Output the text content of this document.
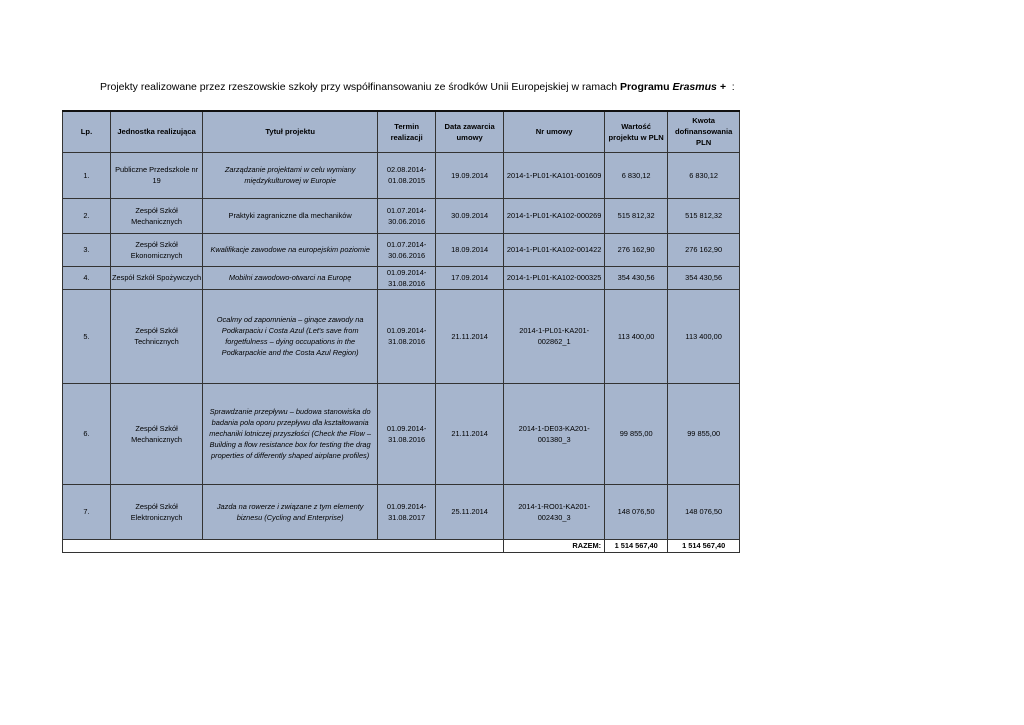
Projekty realizowane przez rzeszowskie szkoły przy współfinansowaniu ze środków Unii Europejskiej w ramach Programu Erasmus +  :
Lp.	Jednostka realizująca	Tytuł projektu	Termin realizacji	Data zawarcia umowy	Nr umowy	Wartość projektu w PLN	Kwota dofinansowania PLN
1.	Publiczne Przedszkole nr 19	Zarządzanie projektami w celu wymiany międzykulturowej w Europie	02.08.2014-01.08.2015	19.09.2014	2014-1-PL01-KA101-001609	6 830,12	6 830,12
2.	Zespół Szkół Mechanicznych	Praktyki zagraniczne dla mechaników	01.07.2014-30.06.2016	30.09.2014	2014-1-PL01-KA102-000269	515 812,32	515 812,32
3.	Zespół Szkół Ekonomicznych	Kwalifikacje zawodowe na europejskim poziomie	01.07.2014-30.06.2016	18.09.2014	2014-1-PL01-KA102-001422	276 162,90	276 162,90
4.	Zespół Szkół Spożywczych	Mobilni zawodowo-otwarci na Europę	01.09.2014-31.08.2016	17.09.2014	2014-1-PL01-KA102-000325	354 430,56	354 430,56
5.	Zespół Szkół Technicznych	Ocalmy od zapomnienia – ginące zawody na Podkarpaciu i Costa Azul (Let's save from forgetfulness – dying occupations in the Podkarpackie and the Costa Azul Region)	01.09.2014-31.08.2016	21.11.2014	2014-1-PL01-KA201-002862_1	113 400,00	113 400,00
6.	Zespół Szkół Mechanicznych	Sprawdzanie przepływu – budowa stanowiska do badania pola oporu przepływu dla kształtowania mechaniki lotniczej przyszłości (Check the Flow – Building a flow resistance box for testing the drag properties of differently shaped airplane profiles)	01.09.2014-31.08.2016	21.11.2014	2014-1-DE03-KA201-001380_3	99 855,00	99 855,00
7.	Zespół Szkół Elektronicznych	Jazda na rowerze i związane z tym elementy biznesu (Cycling and Enterprise)	01.09.2014-31.08.2017	25.11.2014	2014-1-RO01-KA201-002430_3	148 076,50	148 076,50
					RAZEM:	1 514 567,40	1 514 567,40
